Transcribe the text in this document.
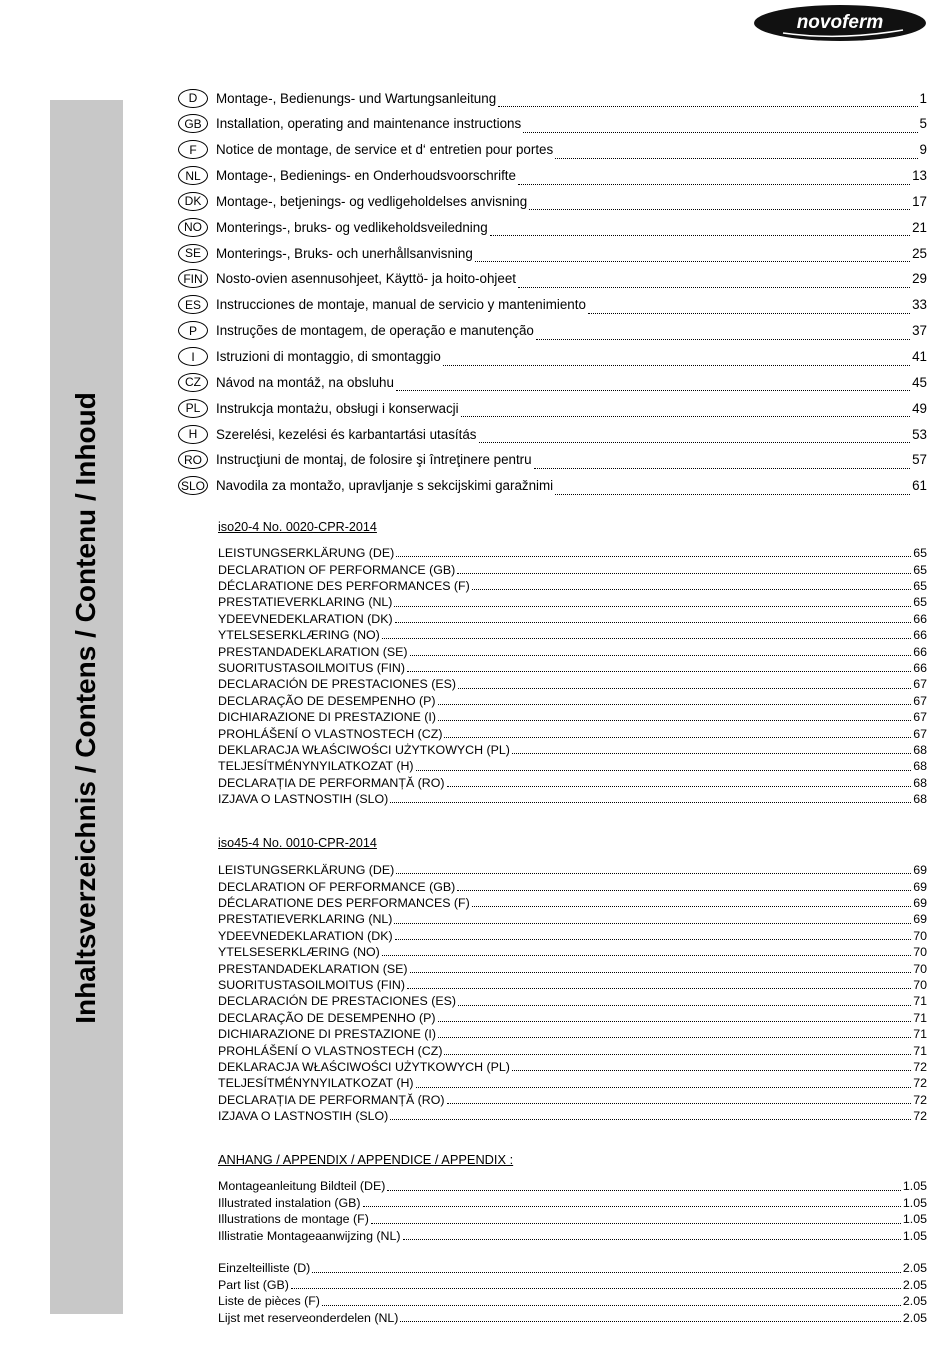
novoferm
Inhaltsverzeichnis / Contens / Contenu / Inhoud
D	Montage-, Bedienungs- und Wartungsanleitung	1
GB	Installation, operating and maintenance instructions	5
F	Notice de montage, de service et d‘ entretien pour portes	9
NL	Montage-, Bedienings- en Onderhoudsvoorschrifte	13
DK	Montage-, betjenings- og vedligeholdelses anvisning	17
NO	Monterings-, bruks- og vedlikeholdsveiledning	21
SE	Monterings-, Bruks- och unerhållsanvisning	25
FIN Nosto-ovien asennusohjeet, Käyttö- ja hoito-ohjeet	29
ES	Instrucciones de montaje, manual de servicio y mantenimiento	33
P	Instruções de montagem, de operação e manutenção	37
I	Istruzioni di montaggio, di smontaggio	41
CZ	Návod na montáž, na obsluhu	45
PL	Instrukcja montażu, obsługi i konserwacji	49
H	Szerelési, kezelési és karbantartási utasítás	53
RO	Instrucţiuni de montaj, de folosire şi întreţinere pentru	57
SLO Navodila za montažo, upravljanje s sekcijskimi garažnimi	61
iso20-4 No. 0020-CPR-2014
LEISTUNGSERKLÄRUNG (DE)	65
DECLARATION OF PERFORMANCE (GB)	65
DÉCLARATIONE DES PERFORMANCES (F)	65
PRESTATIEVERKLARING (NL)	65
YDEEVNEDEKLARATION (DK)	66
YTELSESERKLÆRING (NO)	66
PRESTANDADEKLARATION (SE)	66
SUORITUSTASOILMOITUS (FIN)	66
DECLARACIÓN DE PRESTACIONES (ES)	67
DECLARAÇÃO DE DESEMPENHO (P)	67
DICHIARAZIONE DI PRESTAZIONE (I)	67
PROHLÁŠENÍ O VLASTNOSTECH (CZ)	67
DEKLARACJA WŁAŚCIWOŚCI UŻYTKOWYCH (PL)	68
TELJESÍTMÉNYNYILATKOZAT (H)	68
DECLARAȚIA DE PERFORMANȚĂ (RO)	68
IZJAVA O LASTNOSTIH (SLO)	68
iso45-4 No. 0010-CPR-2014
LEISTUNGSERKLÄRUNG (DE)	69
DECLARATION OF PERFORMANCE (GB)	69
DÉCLARATIONE DES PERFORMANCES (F)	69
PRESTATIEVERKLARING (NL)	69
YDEEVNEDEKLARATION (DK)	70
YTELSESERKLÆRING (NO)	70
PRESTANDADEKLARATION (SE)	70
SUORITUSTASOILMOITUS (FIN)	70
DECLARACIÓN DE PRESTACIONES (ES)	71
DECLARAÇÃO DE DESEMPENHO (P)	71
DICHIARAZIONE DI PRESTAZIONE (I)	71
PROHLÁŠENÍ O VLASTNOSTECH (CZ)	71
DEKLARACJA WŁAŚCIWOŚCI UŻYTKOWYCH (PL)	72
TELJESÍTMÉNYNYILATKOZAT (H)	72
DECLARAȚIA DE PERFORMANȚĂ (RO)	72
IZJAVA O LASTNOSTIH (SLO)	72
ANHANG / APPENDIX / APPENDICE / APPENDIX :
Montageanleitung Bildteil (DE)	1.05
Illustrated instalation (GB)	1.05
Illustrations de montage (F)	1.05
Illistratie Montageaanwijzing (NL)	1.05
Einzelteilliste (D)	2.05
Part list (GB)	2.05
Liste de pièces (F)	2.05
Lijst met reserveonderdelen (NL)	2.05
